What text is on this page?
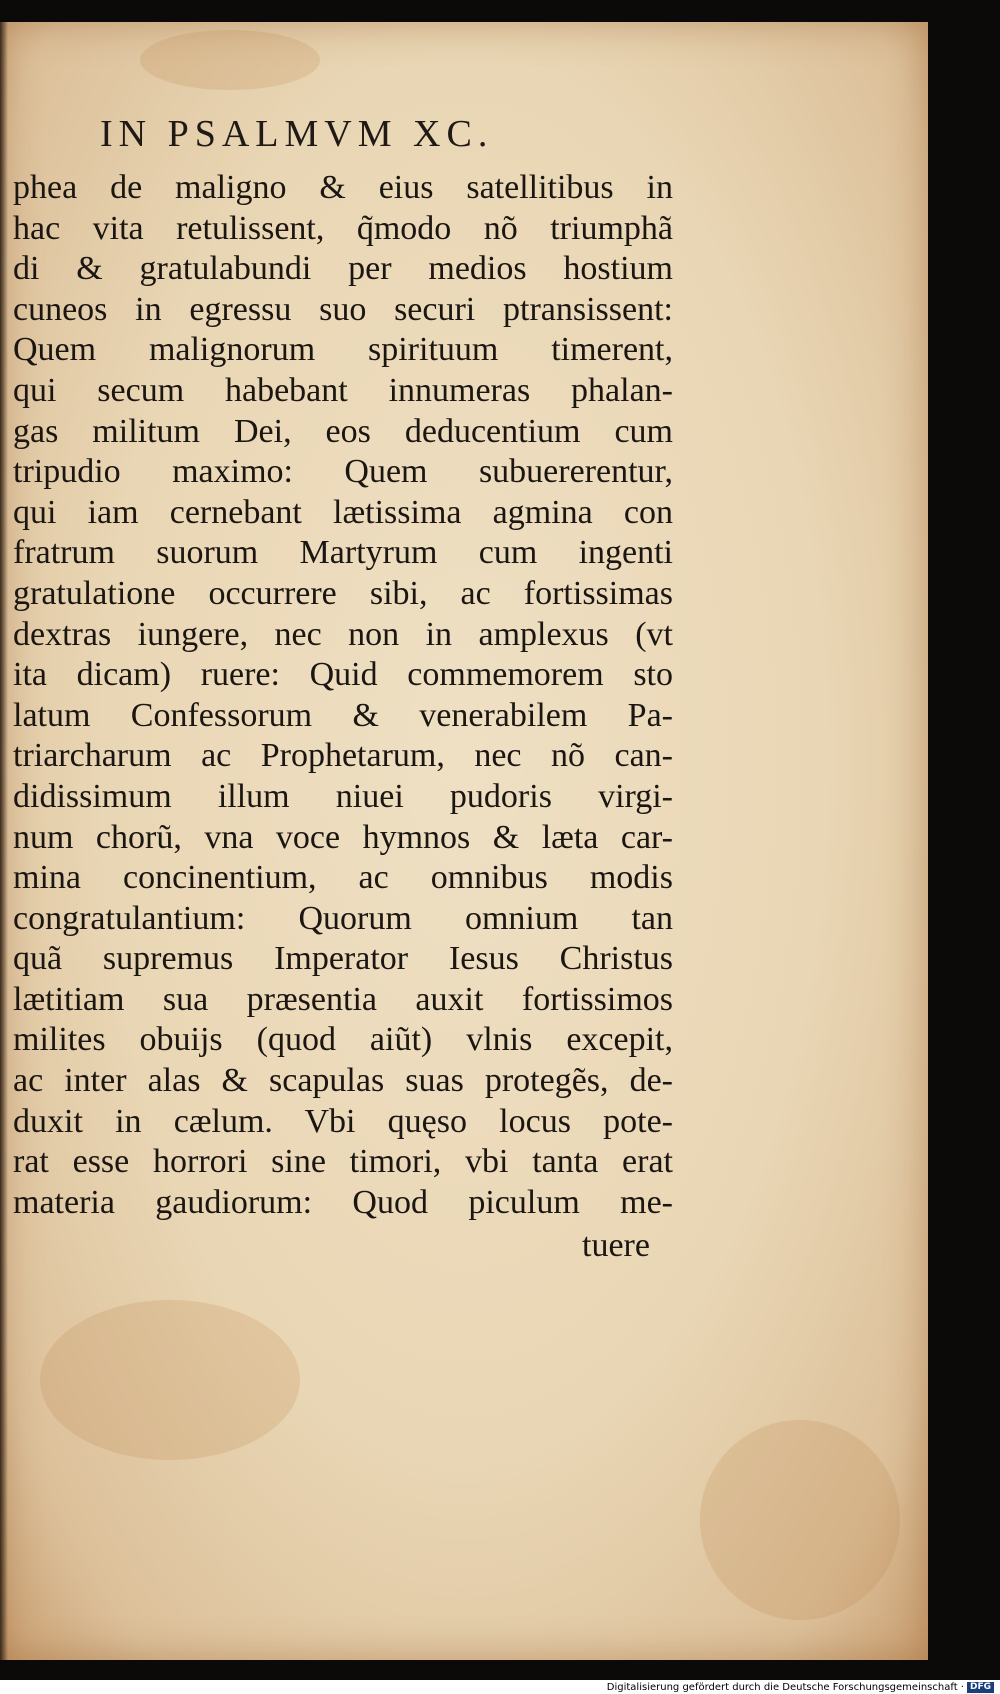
IN PSALMVM XC.
phea de maligno & eius satellitibus in
hac vita retulissent, q̃modo nõ triumphã
di & gratulabundi per medios hostium
cuneos in egressu suo securi ptransissent:
Quem malignorum spirituum timerent,
qui secum habebant innumeras phalan-
gas militum Dei, eos deducentium cum
tripudio maximo: Quem subuererentur,
qui iam cernebant lætissima agmina con
fratrum suorum Martyrum cum ingenti
gratulatione occurrere sibi, ac fortissimas
dextras iungere, nec non in amplexus (vt
ita dicam) ruere: Quid commemorem sto
latum Confessorum & venerabilem Pa-
triarcharum ac Prophetarum, nec nõ can-
didissimum illum niuei pudoris virgi-
num chorũ, vna voce hymnos & læta car-
mina concinentium, ac omnibus modis
congratulantium: Quorum omnium tan
quã supremus Imperator Iesus Christus
lætitiam sua præsentia auxit fortissimos
milites obuijs (quod aiũt) vlnis excepit,
ac inter alas & scapulas suas protegẽs, de-
duxit in cælum. Vbi quęso locus pote-
rat esse horrori sine timori, vbi tanta erat
materia gaudiorum: Quod piculum me-
tuere
Digitalisierung gefördert durch die Deutsche Forschungsgemeinschaft · DFG
